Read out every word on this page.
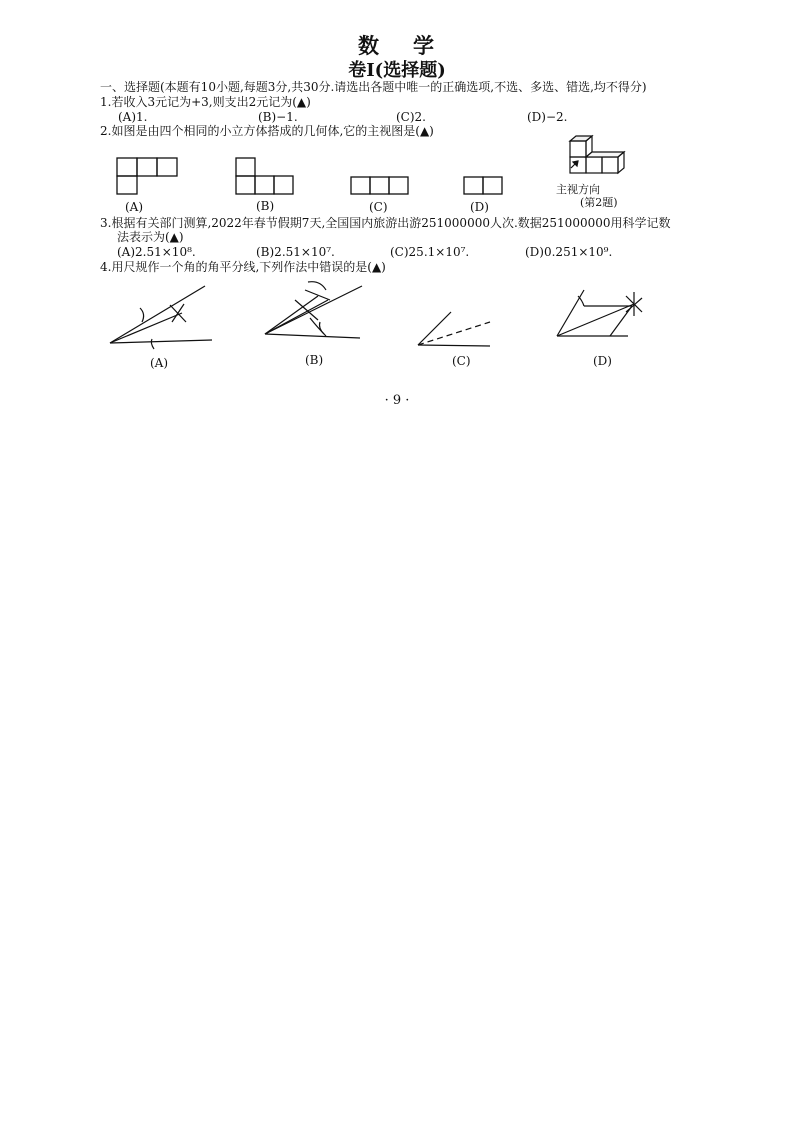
数 学
卷Ⅰ(选择题)
一、选择题(本题有10小题,每题3分,共30分.请选出各题中唯一的正确选项,不选、多选、错选,均不得分)
1.若收入3元记为+3,则支出2元记为(▲)
(A)1.	(B)−1.	(C)2.	(D)−2.
2.如图是由四个相同的小立方体搭成的几何体,它的主视图是(▲)
(A)	(B)	(C)	(D)
主视方向
(第2题)
3.根据有关部门测算,2022年春节假期7天,全国国内旅游出游251000000人次.数据251000000用科学记数
法表示为(▲)
(A)2.51×10⁸.	(B)2.51×10⁷.	(C)25.1×10⁷.	(D)0.251×10⁹.
4.用尺规作一个角的角平分线,下列作法中错误的是(▲)
(A)	(B)	(C)	(D)
· 9 ·
